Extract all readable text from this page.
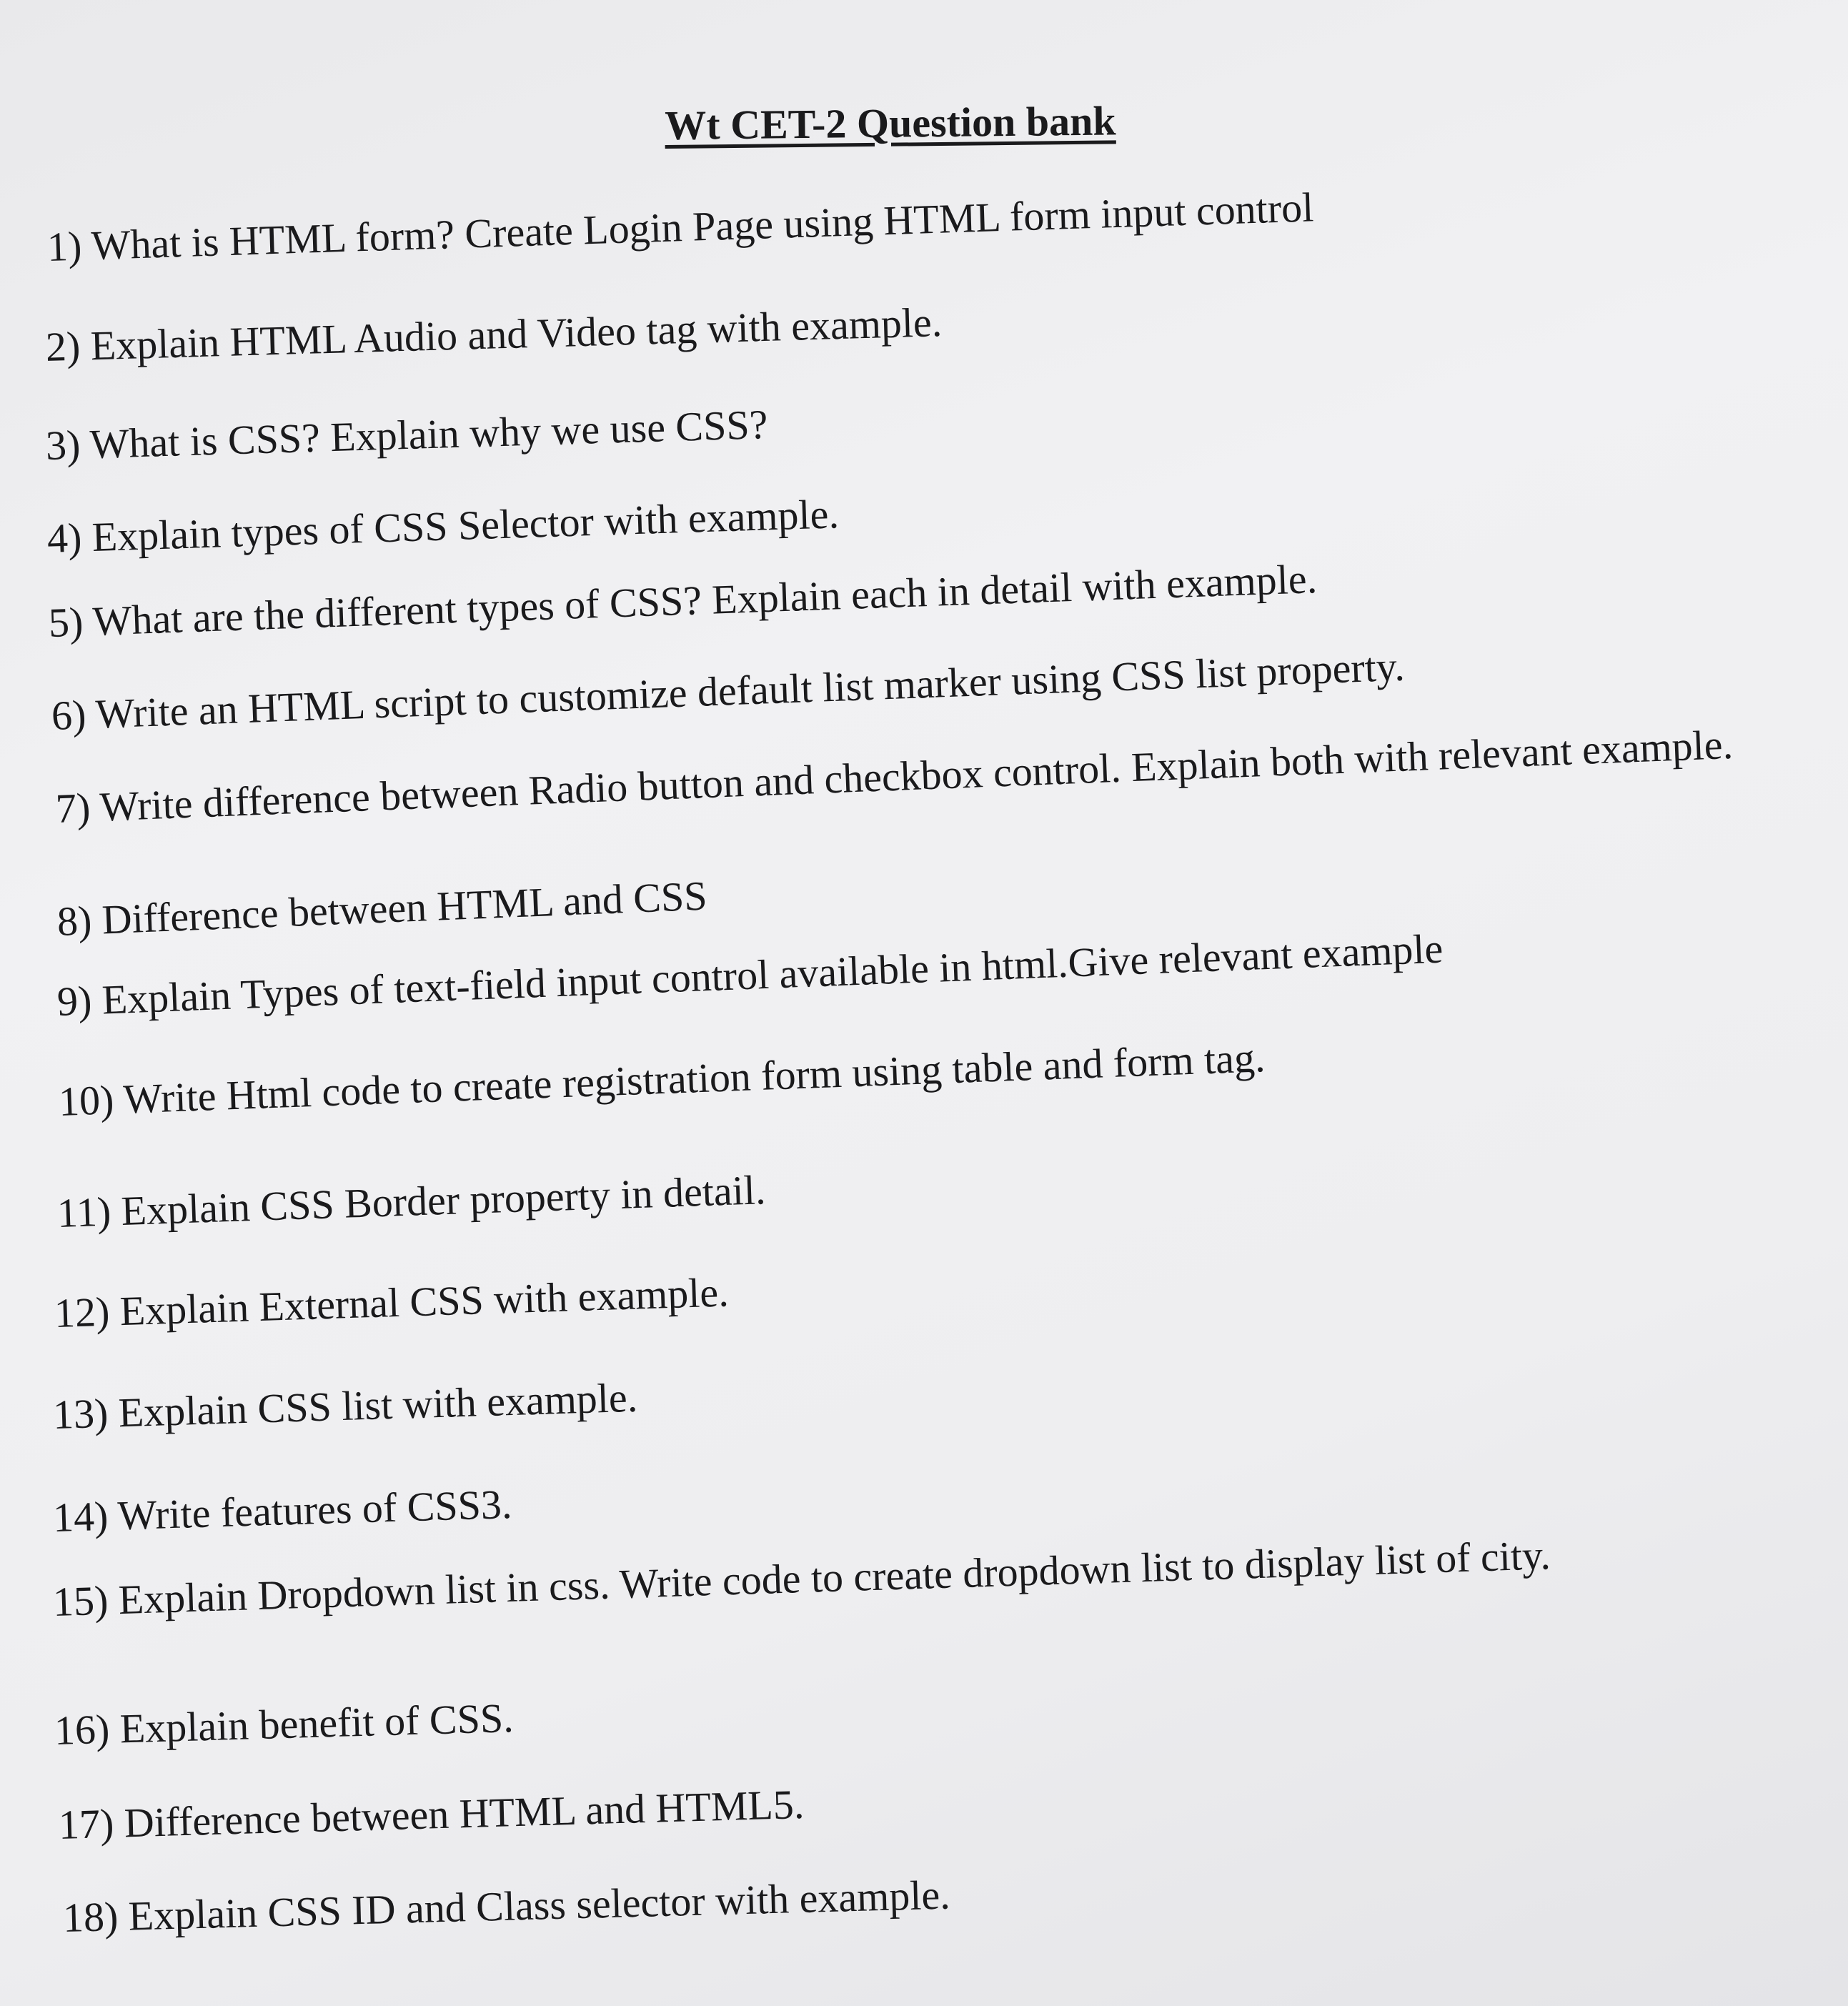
Wt CET-2 Question bank
1) What is HTML form? Create Login Page using HTML form input control
2) Explain HTML Audio and Video tag with example.
3) What is CSS? Explain why we use CSS?
4) Explain types of CSS Selector with example.
5) What are the different types of CSS? Explain each in detail with example.
6) Write an HTML script to customize default list marker using CSS list property.
7) Write difference between Radio button and checkbox control. Explain both with relevant example.
8) Difference between HTML and CSS
9) Explain Types of text-field input control available in html.Give relevant example
10) Write Html code to create registration form using table and form tag.
11) Explain CSS Border property in detail.
12) Explain External CSS with example.
13) Explain CSS list with example.
14) Write features of CSS3.
15) Explain Dropdown list in css. Write code to create dropdown list to display list of city.
16) Explain benefit of CSS.
17) Difference between HTML and HTML5.
18) Explain CSS ID and Class selector with example.
